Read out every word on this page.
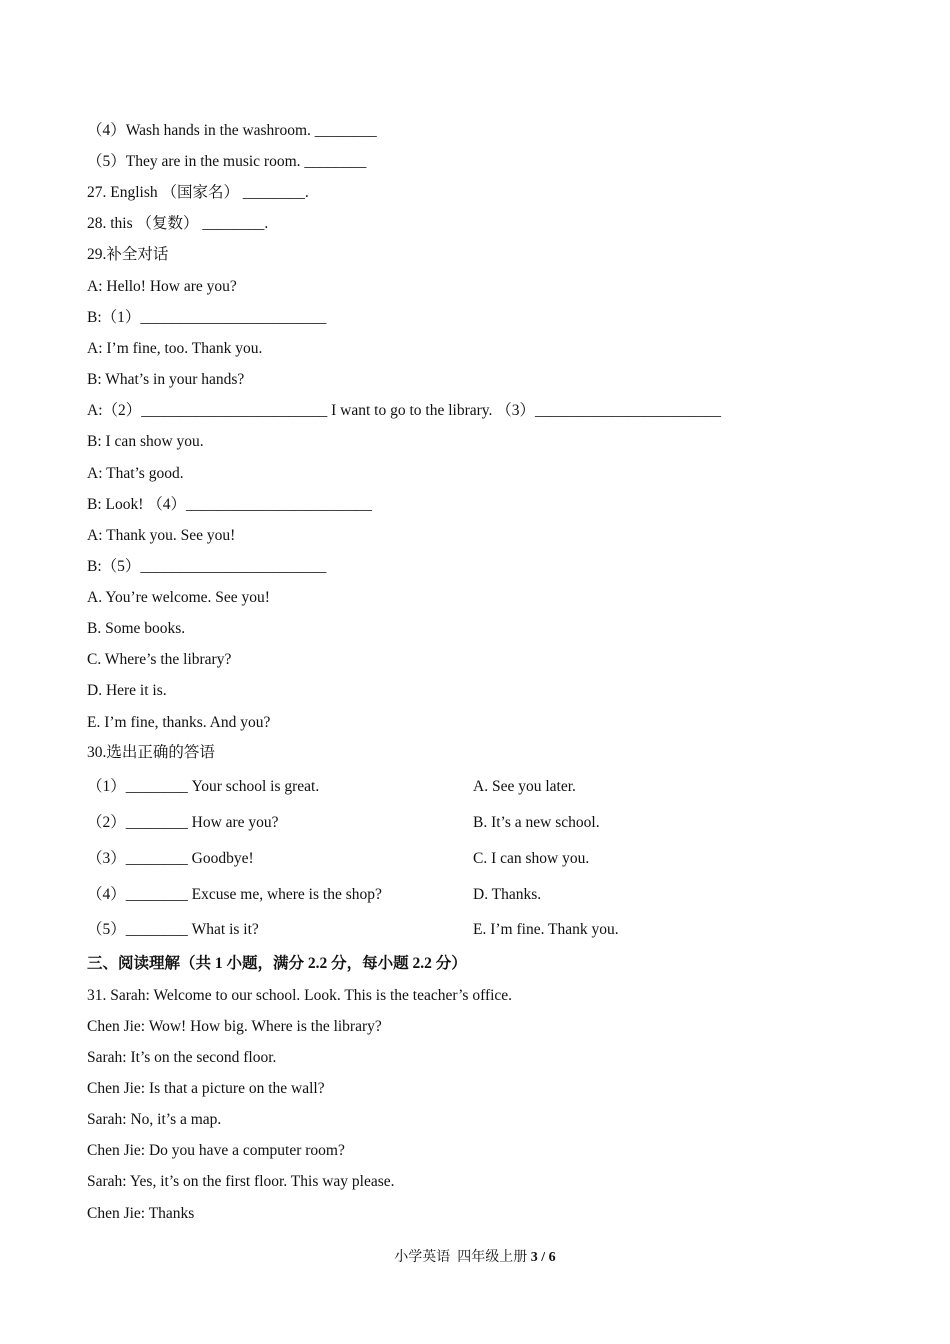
（4）Wash hands in the washroom. ________
（5）They are in the music room. ________
27. English （国家名） ________.
28. this （复数） ________.
29.补全对话
A: Hello! How are you?
B:（1）________________________
A: I’m fine, too. Thank you.
B: What’s in your hands?
A:（2）________________________ I want to go to the library. （3）________________________
B: I can show you.
A: That’s good.
B: Look! （4）________________________
A: Thank you. See you!
B:（5）________________________
A. You’re welcome. See you!
B. Some books.
C. Where’s the library?
D. Here it is.
E. I’m fine, thanks. And you?
30.选出正确的答语
（1）________ Your school is great.	A. See you later.
（2）________ How are you?	B. It’s a new school.
（3）________ Goodbye!	C. I can show you.
（4）________ Excuse me, where is the shop?	D. Thanks.
（5）________ What is it?	E. I’m fine. Thank you.
三、阅读理解（共 1 小题，满分 2.2 分，每小题 2.2 分）
31. Sarah: Welcome to our school. Look. This is the teacher’s office.
Chen Jie: Wow! How big. Where is the library?
Sarah: It’s on the second floor.
Chen Jie: Is that a picture on the wall?
Sarah: No, it’s a map.
Chen Jie: Do you have a computer room?
Sarah: Yes, it’s on the first floor. This way please.
Chen Jie: Thanks
小学英语  四年级上册 3 / 6
